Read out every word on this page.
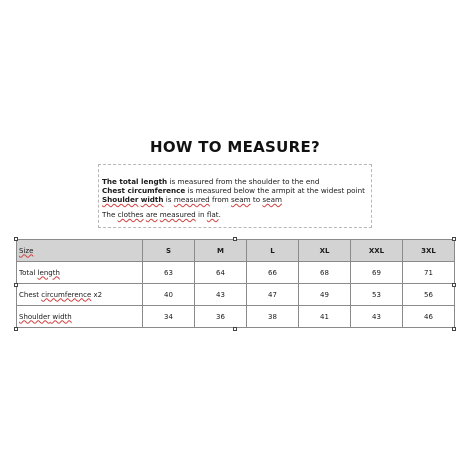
HOW TO MEASURE?

The total length is measured from the shoulder to the end

Chest circumference is measured below the armpit at the widest point

Shoulder width is measured from seam to seam

The clothes are measured in flat.

Size	S	M	L	XL	XXL	3XL
Total length	63	64	66	68	69	71
Chest circumference x2	40	43	47	49	53	56
Shoulder width	34	36	38	41	43	46
